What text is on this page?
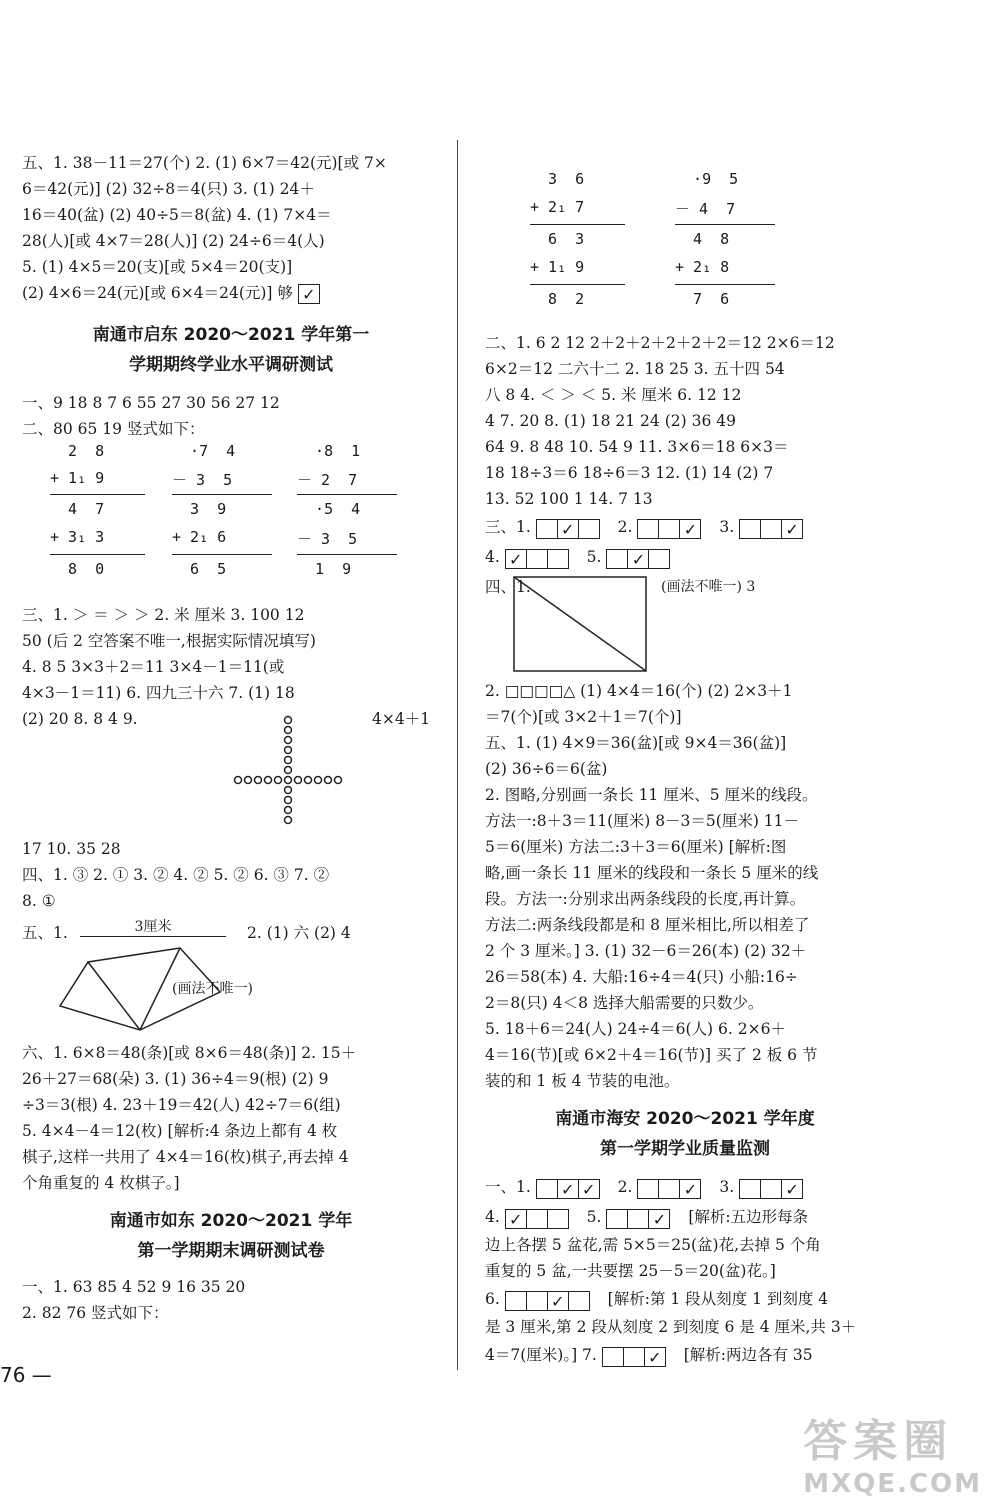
五、1. 38－11＝27(个) 2. (1) 6×7＝42(元)[或 7×
6＝42(元)] (2) 32÷8＝4(只) 3. (1) 24＋
16＝40(盆) (2) 40÷5＝8(盆) 4. (1) 7×4＝
28(人)[或 4×7＝28(人)] (2) 24÷6＝4(人)
5. (1) 4×5＝20(支)[或 5×4＝20(支)]
(2) 4×6＝24(元)[或 6×4＝24(元)] 够 ✓
南通市启东 2020～2021 学年第一
学期期终学业水平调研测试
一、9 18 8 7 6 55 27 30 56 27 12
二、80 65 19 竖式如下：
2  8
+ 1₁ 9
4  7
+ 3₁ 3
8  0
·7  4
－ 3  5
3  9
+ 2₁ 6
6  5
·8  1
－ 2  7
·5  4
－ 3  5
1  9
三、1. ＞ ＝ ＞ ＞ 2. 米 厘米 3. 100 12
50 (后 2 空答案不唯一,根据实际情况填写)
4. 8 5 3×3＋2＝11 3×4－1＝11(或
4×3－1＝11) 6. 四九三十六 7. (1) 18
(2) 20 8. 8 4 9.	4×4＋1
17 10. 35 28
四、1. ③ 2. ① 3. ② 4. ② 5. ② 6. ③ 7. ②
8. ①
五、1.	3厘米	2. (1) 六 (2) 4
(画法不唯一)
六、1. 6×8＝48(条)[或 8×6＝48(条)] 2. 15＋
26＋27＝68(朵) 3. (1) 36÷4＝9(根) (2) 9
÷3＝3(根) 4. 23＋19＝42(人) 42÷7＝6(组)
5. 4×4－4＝12(枚) [解析:4 条边上都有 4 枚
棋子,这样一共用了 4×4＝16(枚)棋子,再去掉 4
个角重复的 4 枚棋子。]
南通市如东 2020～2021 学年
第一学期期末调研测试卷
一、1. 63 85 4 52 9 16 35 20
2. 82 76 竖式如下：
3  6
+ 2₁ 7
6  3
+ 1₁ 9
8  2
·9  5
－ 4  7
4  8
+ 2₁ 8
7  6
二、1. 6 2 12 2＋2＋2＋2＋2＋2＝12 2×6＝12
6×2＝12 二六十二 2. 18 25 3. 五十四 54
八 8 4. ＜ ＞ ＜ 5. 米 厘米 6. 12 12
4 7. 20 8. (1) 18 21 24 (2) 36 49
64 9. 8 48 10. 54 9 11. 3×6＝18 6×3＝
18 18÷3＝6 18÷6＝3 12. (1) 14 (2) 7
13. 52 100 1 14. 7 13
三、1. ✓	2.	✓ 3.	✓
4. ✓	5. ✓
四、1.	(画法不唯一) 3
2. □□□□△ (1) 4×4＝16(个) (2) 2×3＋1
＝7(个)[或 3×2＋1＝7(个)]
五、1. (1) 4×9＝36(盆)[或 9×4＝36(盆)]
(2) 36÷6＝6(盆)
2. 图略,分别画一条长 11 厘米、5 厘米的线段。
方法一:8＋3＝11(厘米) 8－3＝5(厘米) 11－
5＝6(厘米) 方法二:3＋3＝6(厘米) [解析:图
略,画一条长 11 厘米的线段和一条长 5 厘米的线
段。方法一:分别求出两条线段的长度,再计算。
方法二:两条线段都是和 8 厘米相比,所以相差了
2 个 3 厘米。] 3. (1) 32－6＝26(本) (2) 32＋
26＝58(本) 4. 大船:16÷4＝4(只) 小船:16÷
2＝8(只) 4＜8 选择大船需要的只数少。
5. 18＋6＝24(人) 24÷4＝6(人) 6. 2×6＋
4＝16(节)[或 6×2＋4＝16(节)] 买了 2 板 6 节
装的和 1 板 4 节装的电池。
南通市海安 2020～2021 学年度
第一学期学业质量监测
一、1. ✓ ✓ 2.	✓ 3.	✓
4. ✓	5.	✓ [解析:五边形每条
边上各摆 5 盆花,需 5×5＝25(盆)花,去掉 5 个角
重复的 5 盆,一共要摆 25－5＝20(盆)花。]
6.	✓	[解析:第 1 段从刻度 1 到刻度 4
是 3 厘米,第 2 段从刻度 2 到刻度 6 是 4 厘米,共 3＋
4＝7(厘米)。] 7.	✓ [解析:两边各有 35
76 —
答案圈
MXQE.COM
